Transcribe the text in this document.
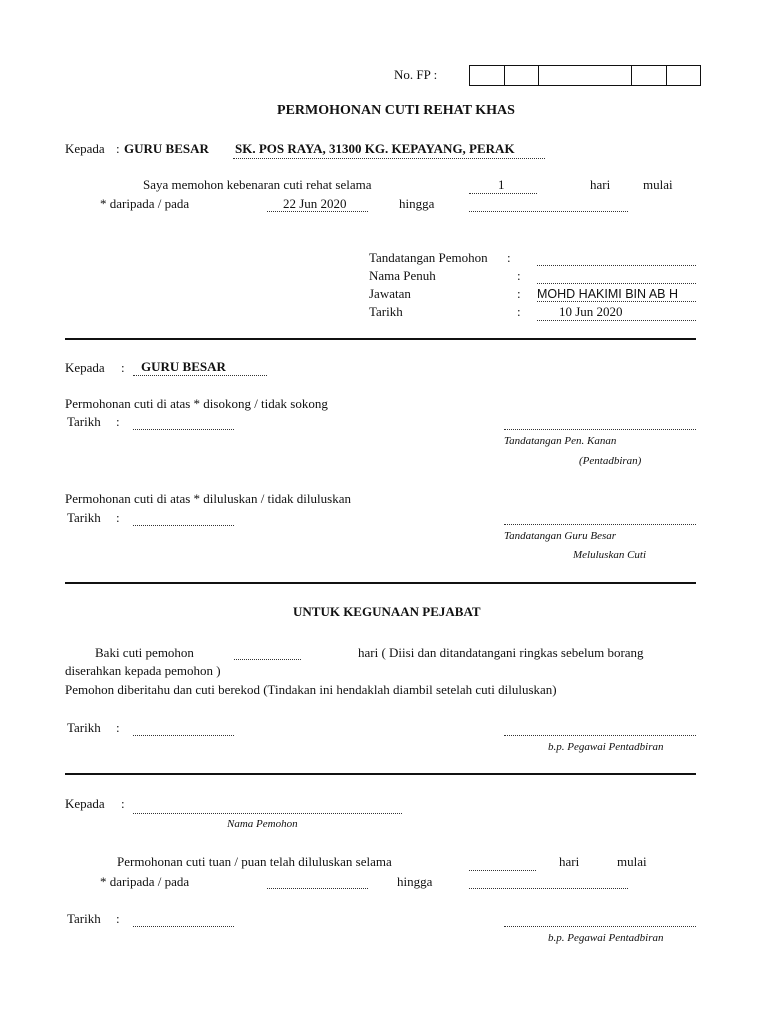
No. FP :
PERMOHONAN CUTI REHAT KHAS
Kepada : GURU BESAR SK. POS RAYA, 31300 KG. KEPAYANG, PERAK
Saya memohon kebenaran cuti rehat selama	1	hari	mulai
* daripada / pada	22 Jun 2020	hingga
Tandatangan Pemohon :
Nama Penuh	:
Jawatan	: MOHD HAKIMI BIN AB H
Tarikh	:	10 Jun 2020
Kepada : GURU BESAR
Permohonan cuti di atas * disokong / tidak sokong
Tarikh :
Tandatangan Pen. Kanan
(Pentadbiran)
Permohonan cuti di atas * diluluskan / tidak diluluskan
Tarikh :
Tandatangan Guru Besar
Meluluskan Cuti
UNTUK KEGUNAAN PEJABAT
Baki cuti pemohon	hari ( Diisi dan ditandatangani ringkas sebelum borang
diserahkan kepada pemohon )
Pemohon diberitahu dan cuti berekod (Tindakan ini hendaklah diambil setelah cuti diluluskan)
Tarikh :
b.p. Pegawai Pentadbiran
Kepada :
Nama Pemohon
Permohonan cuti tuan / puan telah diluluskan selama	hari	mulai
* daripada / pada	hingga
Tarikh :
b.p. Pegawai Pentadbiran
